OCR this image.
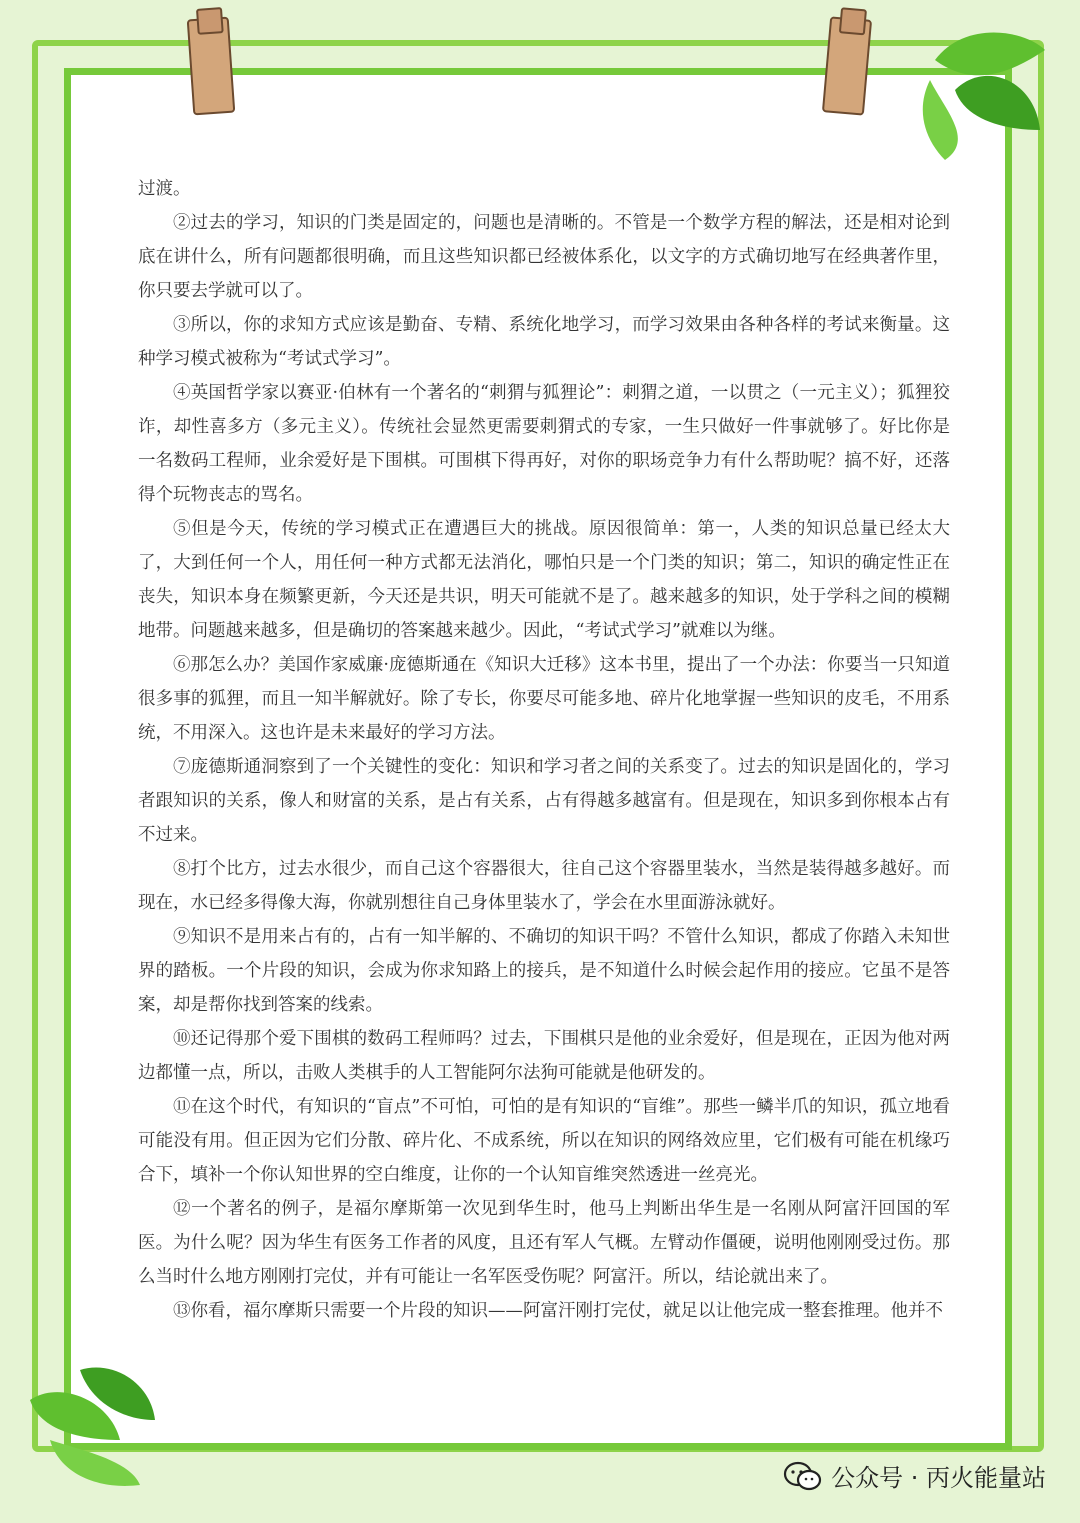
过渡。

②过去的学习，知识的门类是固定的，问题也是清晰的。不管是一个数学方程的解法，还是相对论到底在讲什么，所有问题都很明确，而且这些知识都已经被体系化，以文字的方式确切地写在经典著作里，你只要去学就可以了。

③所以，你的求知方式应该是勤奋、专精、系统化地学习，而学习效果由各种各样的考试来衡量。这种学习模式被称为“考试式学习”。

④英国哲学家以赛亚·伯林有一个著名的“刺猬与狐狸论”：刺猬之道，一以贯之（一元主义）；狐狸狡诈，却性喜多方（多元主义）。传统社会显然更需要刺猬式的专家，一生只做好一件事就够了。好比你是一名数码工程师，业余爱好是下围棋。可围棋下得再好，对你的职场竞争力有什么帮助呢？搞不好，还落得个玩物丧志的骂名。

⑤但是今天，传统的学习模式正在遭遇巨大的挑战。原因很简单：第一，人类的知识总量已经太大了，大到任何一个人，用任何一种方式都无法消化，哪怕只是一个门类的知识；第二，知识的确定性正在丧失，知识本身在频繁更新，今天还是共识，明天可能就不是了。越来越多的知识，处于学科之间的模糊地带。问题越来越多，但是确切的答案越来越少。因此，“考试式学习”就难以为继。

⑥那怎么办？美国作家威廉·庞德斯通在《知识大迁移》这本书里，提出了一个办法：你要当一只知道很多事的狐狸，而且一知半解就好。除了专长，你要尽可能多地、碎片化地掌握一些知识的皮毛，不用系统，不用深入。这也许是未来最好的学习方法。

⑦庞德斯通洞察到了一个关键性的变化：知识和学习者之间的关系变了。过去的知识是固化的，学习者跟知识的关系，像人和财富的关系，是占有关系，占有得越多越富有。但是现在，知识多到你根本占有不过来。

⑧打个比方，过去水很少，而自己这个容器很大，往自己这个容器里装水，当然是装得越多越好。而现在，水已经多得像大海，你就别想往自己身体里装水了，学会在水里面游泳就好。

⑨知识不是用来占有的，占有一知半解的、不确切的知识干吗？不管什么知识，都成了你踏入未知世界的踏板。一个片段的知识，会成为你求知路上的接兵，是不知道什么时候会起作用的接应。它虽不是答案，却是帮你找到答案的线索。

⑩还记得那个爱下围棋的数码工程师吗？过去，下围棋只是他的业余爱好，但是现在，正因为他对两边都懂一点，所以，击败人类棋手的人工智能阿尔法狗可能就是他研发的。

⑪在这个时代，有知识的“盲点”不可怕，可怕的是有知识的“盲维”。那些一鳞半爪的知识，孤立地看可能没有用。但正因为它们分散、碎片化、不成系统，所以在知识的网络效应里，它们极有可能在机缘巧合下，填补一个你认知世界的空白维度，让你的一个认知盲维突然透进一丝亮光。

⑫一个著名的例子，是福尔摩斯第一次见到华生时，他马上判断出华生是一名刚从阿富汗回国的军医。为什么呢？因为华生有医务工作者的风度，且还有军人气概。左臂动作僵硬，说明他刚刚受过伤。那么当时什么地方刚刚打完仗，并有可能让一名军医受伤呢？阿富汗。所以，结论就出来了。

⑬你看，福尔摩斯只需要一个片段的知识——阿富汗刚打完仗，就足以让他完成一整套推理。他并不

公众号 · 丙火能量站
